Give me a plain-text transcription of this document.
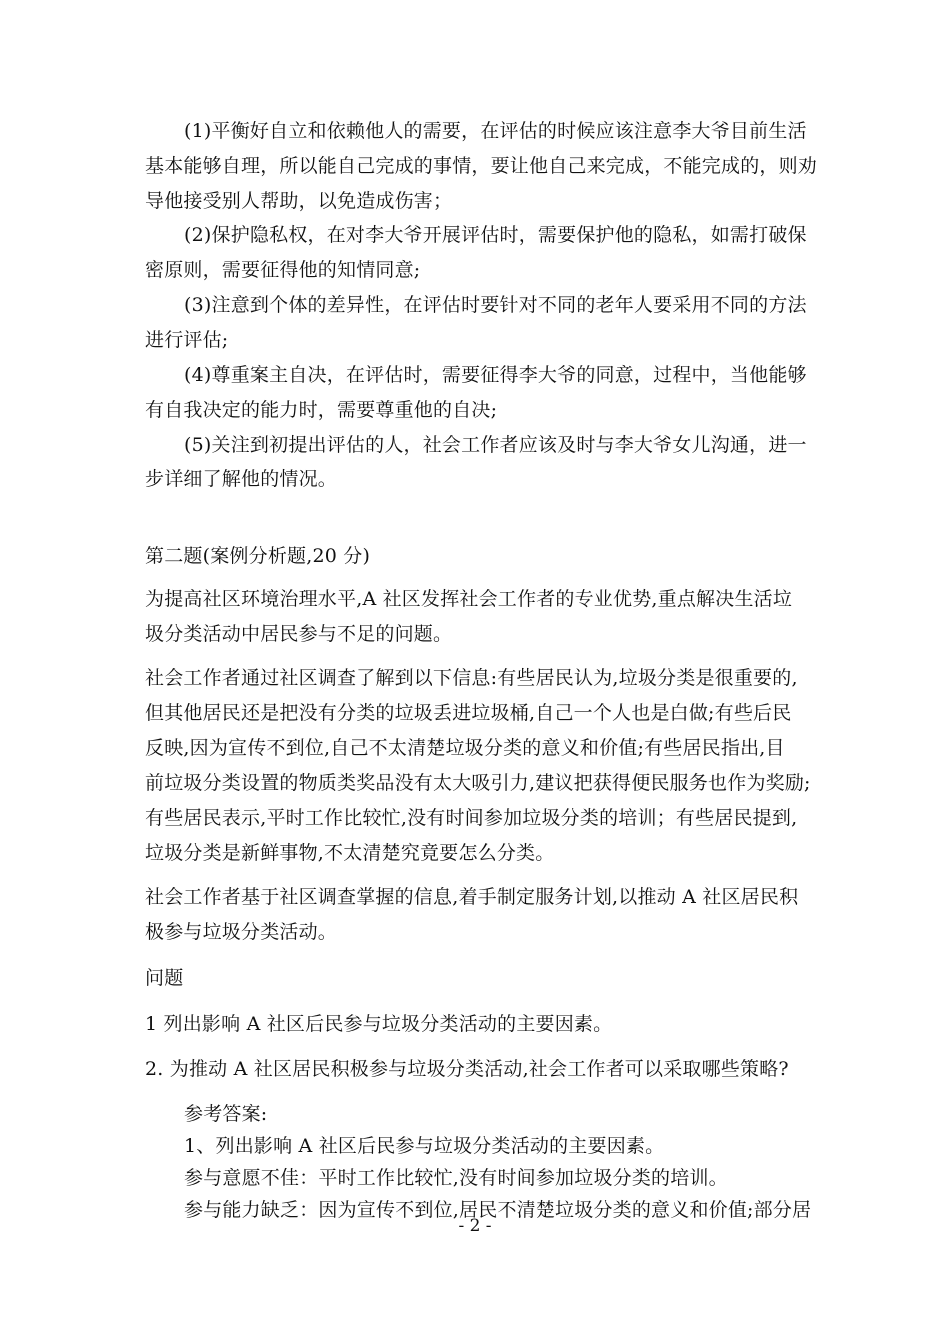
(1)平衡好自立和依赖他人的需要，在评估的时候应该注意李大爷目前生活
基本能够自理，所以能自己完成的事情，要让他自己来完成，不能完成的，则劝
导他接受别人帮助，以免造成伤害；
(2)保护隐私权，在对李大爷开展评估时，需要保护他的隐私，如需打破保
密原则，需要征得他的知情同意;
(3)注意到个体的差异性，在评估时要针对不同的老年人要采用不同的方法
进行评估;
(4)尊重案主自决，在评估时，需要征得李大爷的同意，过程中，当他能够
有自我决定的能力时，需要尊重他的自决;
(5)关注到初提出评估的人，社会工作者应该及时与李大爷女儿沟通，进一
步详细了解他的情况。
第二题(案例分析题,20 分)
为提高社区环境治理水平,A 社区发挥社会工作者的专业优势,重点解决生活垃
圾分类活动中居民参与不足的问题。
社会工作者通过社区调查了解到以下信息:有些居民认为,垃圾分类是很重要的,
但其他居民还是把没有分类的垃圾丢进垃圾桶,自己一个人也是白做;有些后民
反映,因为宣传不到位,自己不太清楚垃圾分类的意义和价值;有些居民指出,目
前垃圾分类设置的物质类奖品没有太大吸引力,建议把获得便民服务也作为奖励;
有些居民表示,平时工作比较忙,没有时间参加垃圾分类的培训；有些居民提到,
垃圾分类是新鲜事物,不太清楚究竟要怎么分类。
社会工作者基于社区调查掌握的信息,着手制定服务计划,以推动 A 社区居民积
极参与垃圾分类活动。
问题
1 列出影响 A 社区后民参与垃圾分类活动的主要因素。
2. 为推动 A 社区居民积极参与垃圾分类活动,社会工作者可以采取哪些策略?
参考答案:
1、列出影响 A 社区后民参与垃圾分类活动的主要因素。
参与意愿不佳：平时工作比较忙,没有时间参加垃圾分类的培训。
参与能力缺乏：因为宣传不到位,居民不清楚垃圾分类的意义和价值;部分居
- 2 -
